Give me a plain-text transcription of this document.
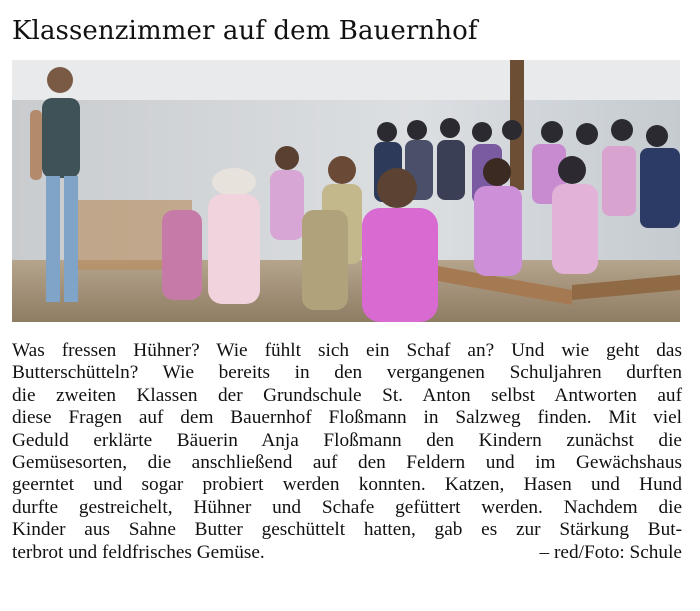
Klassenzimmer auf dem Bauernhof
Was fressen Hühner? Wie fühlt sich ein Schaf an? Und wie geht das
Butterschütteln? Wie bereits in den vergangenen Schuljahren durften
die zweiten Klassen der Grundschule St. Anton selbst Antworten auf
diese Fragen auf dem Bauernhof Floßmann in Salzweg finden. Mit viel
Geduld erklärte Bäuerin Anja Floßmann den Kindern zunächst die
Gemüsesorten, die anschließend auf den Feldern und im Gewächshaus
geerntet und sogar probiert werden konnten. Katzen, Hasen und Hund
durfte gestreichelt, Hühner und Schafe gefüttert werden. Nachdem die
Kinder aus Sahne Butter geschüttelt hatten, gab es zur Stärkung But-
terbrot und feldfrisches Gemüse.	– red/Foto: Schule
